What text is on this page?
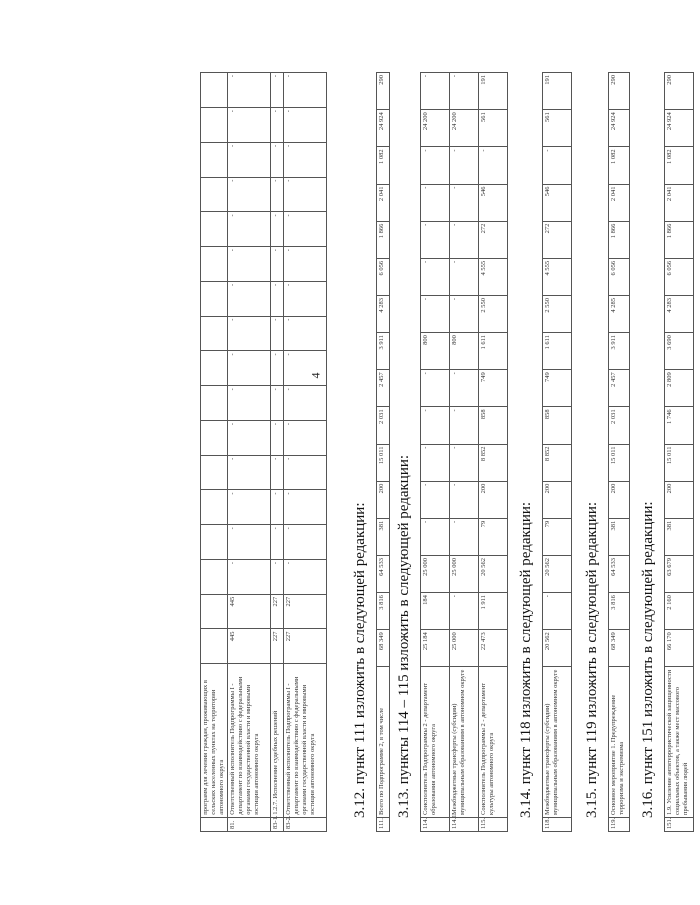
4
	программ для лечения граждан, проживающих в сельских населенных пунктах на территории автономного округа																	
81.	Ответственный исполнитель Подпрограммы I - департамент по взаимодействию с федеральными органами государственной власти и мировыми юстиции автономного округа	445	445	-	-	-	-	-	-	-	-	-	-	-	-	-	-	-
83-1.	1.2.7. Исполнение судебных решений	227	227	-	-	-	-	-	-	-	-	-	-	-	-	-	-	-
83-2.	Ответственный исполнитель Подпрограммы I - департамент по взаимодействию с федеральными органами государственной власти и мировыми юстиции автономного округа	227	227	-	-	-	-	-	-	-	-	-	-	-	-	-	-	-
3.12. пункт 111 изложить в следующей редакции:
111.	Всего по Подпрограмме 2, в том числе	68 349	3 816	64 533	381	200	15 011	2 031	2 457	3 911	4 283	6 056	1 866	2 041	1 082	24 924	290
3.13. пункты 114 – 115 изложить в следующей редакции:
114.	Соисполнитель Подпрограммы 2 - департамент образования автономного округа	25 184	184	25 000	-	-	-	-	-	800	-	-	-	-	-	24 200	-
114.1.	Межбюджетные трансферты (субсидии) муниципальным образованиям в автономном округе	25 000	-	25 000	-	-	-	-	-	800	-	-	-	-	-	24 200	-
115.	Соисполнитель Подпрограммы 2 - департамент культуры автономного округа	22 473	1 911	20 562	79	200	8 852	858	749	1 611	2 550	4 555	272	546	-	561	191
3.14. пункт 118 изложить в следующей редакции:
118.	Межбюджетные трансферты (субсидии) муниципальным образованиям в автономном округе	20 562	-	20 562	79	200	8 852	858	749	1 611	2 550	4 555	272	546	-	561	191
3.15. пункт 119 изложить в следующей редакции:
119.	Основное мероприятие 1. Предупреждение терроризма и экстремизма	68 349	3 816	64 533	381	200	15 011	2 031	2 457	3 911	4 285	6 056	1 866	2 041	1 082	24 924	290
3.16. пункт 151 изложить в следующей редакции:
151.	1.9. Усиление антитеррористической защищенности социальных объектов, а также мест массового пребывания людей	66 170	2 160	63 679	381	200	15 011	1 746	2 809	3 690	4 283	6 056	1 866	2 041	1 082	24 924	290
